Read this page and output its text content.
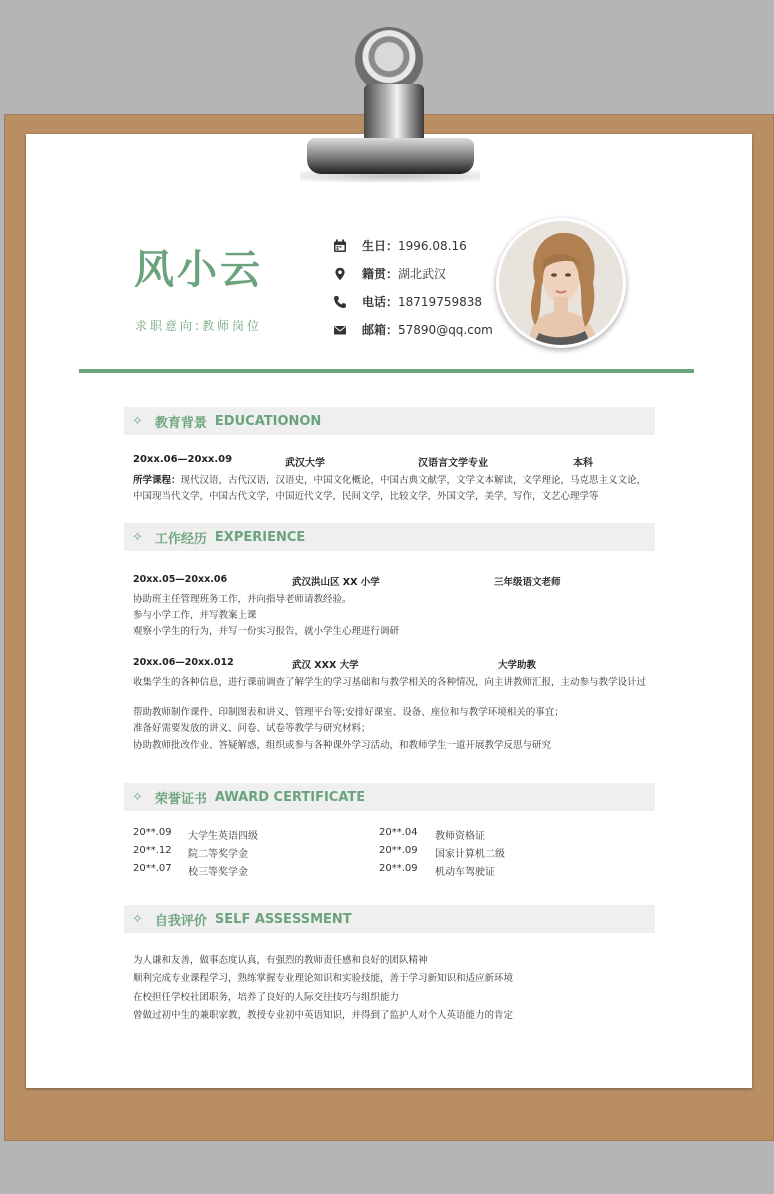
风小云
求职意向:教师岗位
生日： 1996.08.16
籍贯： 湖北武汉
电话： 18719759838
邮箱： 57890@qq.com
✧ 教育背景 EDUCATIONON
20xx.06—20xx.09	武汉大学	汉语言文学专业	本科
所学课程：现代汉语，古代汉语，汉语史，中国文化概论，中国古典文献学，文学文本解读，文学理论，马克思主义文论，
中国现当代文学，中国古代文学，中国近代文学，民间文学，比较文学，外国文学，美学，写作，文艺心理学等
✧ 工作经历 EXPERIENCE
20xx.05—20xx.06	武汉洪山区 XX 小学	三年级语文老师
协助班主任管理班务工作，并向指导老师请教经验。
参与小学工作，并写教案上课
观察小学生的行为，并写一份实习报告，就小学生心理进行调研
20xx.06—20xx.012	武汉 XXX 大学	大学助教
收集学生的各种信息，进行课前调查了解学生的学习基础和与教学相关的各种情况，向主讲教师汇报，主动参与教学设计过
帮助教师制作课件、印制图表和讲义、管理平台等;安排好课室、设备、座位和与教学环境相关的事宜；
准备好需要发放的讲义、问卷、试卷等教学与研究材料；
协助教师批改作业、答疑解惑，组织或参与各种课外学习活动，和教师学生一道开展教学反思与研究
✧ 荣誉证书 AWARD CERTIFICATE
20**.09 大学生英语四级
20**.12 院二等奖学金
20**.07 校三等奖学金
20**.04 教师资格证
20**.09 国家计算机二级
20**.09 机动车驾驶证
✧ 自我评价 SELF ASSESSMENT
为人谦和友善，做事态度认真，有强烈的教师责任感和良好的团队精神
顺利完成专业课程学习，熟练掌握专业理论知识和实验技能，善于学习新知识和适应新环境
在校担任学校社团职务，培养了良好的人际交往技巧与组织能力
曾做过初中生的兼职家教，教授专业初中英语知识，并得到了监护人对个人英语能力的肯定
